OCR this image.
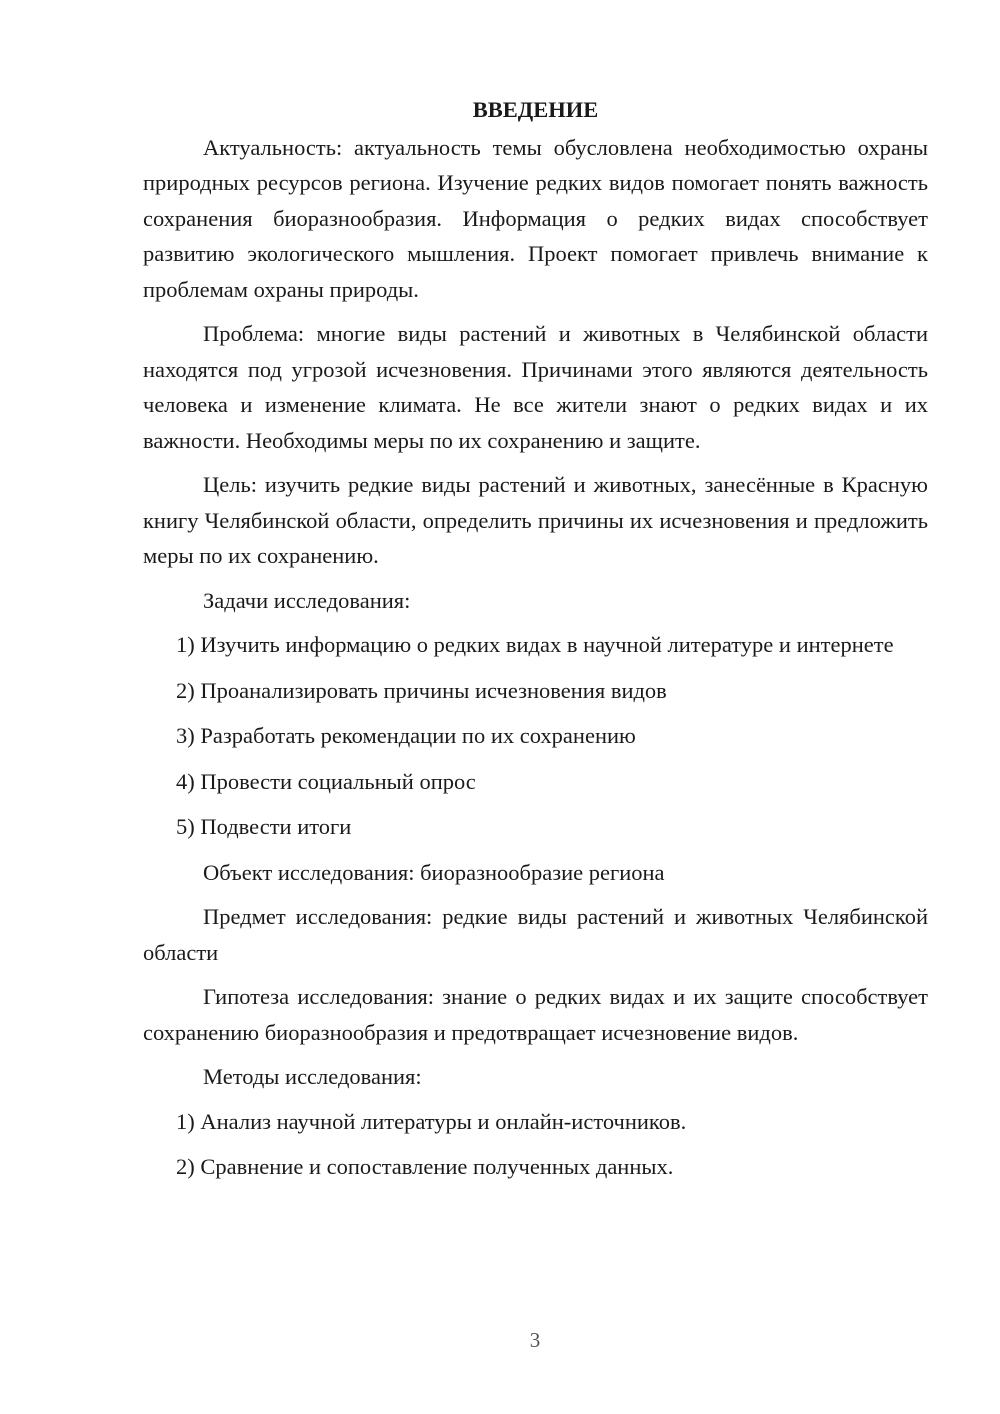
ВВЕДЕНИЕ

Актуальность: актуальность темы обусловлена необходимостью охраны природных ресурсов региона. Изучение редких видов помогает понять важность сохранения биоразнообразия. Информация о редких видах способствует развитию экологического мышления. Проект помогает привлечь внимание к проблемам охраны природы.

Проблема: многие виды растений и животных в Челябинской области находятся под угрозой исчезновения. Причинами этого являются деятельность человека и изменение климата. Не все жители знают о редких видах и их важности. Необходимы меры по их сохранению и защите.

Цель: изучить редкие виды растений и животных, занесённые в Красную книгу Челябинской области, определить причины их исчезновения и предложить меры по их сохранению.

Задачи исследования:

1) Изучить информацию о редких видах в научной литературе и интернете

2) Проанализировать причины исчезновения видов

3) Разработать рекомендации по их сохранению

4) Провести социальный опрос

5) Подвести итоги

Объект исследования: биоразнообразие региона

Предмет исследования: редкие виды растений и животных Челябинской области

Гипотеза исследования: знание о редких видах и их защите способствует сохранению биоразнообразия и предотвращает исчезновение видов.

Методы исследования:

1) Анализ научной литературы и онлайн-источников.

2) Сравнение и сопоставление полученных данных.

3
